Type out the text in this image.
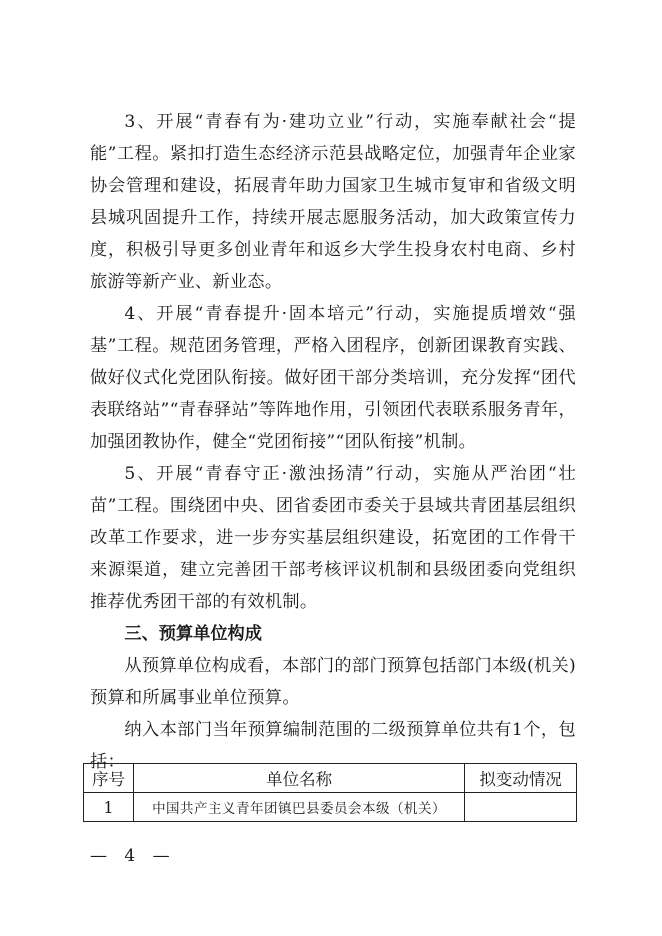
3、开展“青春有为·建功立业”行动，实施奉献社会“提能”工程。紧扣打造生态经济示范县战略定位，加强青年企业家协会管理和建设，拓展青年助力国家卫生城市复审和省级文明县城巩固提升工作，持续开展志愿服务活动，加大政策宣传力度，积极引导更多创业青年和返乡大学生投身农村电商、乡村旅游等新产业、新业态。

4、开展“青春提升·固本培元”行动，实施提质增效“强基”工程。规范团务管理，严格入团程序，创新团课教育实践、做好仪式化党团队衔接。做好团干部分类培训，充分发挥“团代表联络站”“青春驿站”等阵地作用，引领团代表联系服务青年，加强团教协作，健全“党团衔接”“团队衔接”机制。

5、开展“青春守正·激浊扬清”行动，实施从严治团“壮苗”工程。围绕团中央、团省委团市委关于县域共青团基层组织改革工作要求，进一步夯实基层组织建设，拓宽团的工作骨干来源渠道，建立完善团干部考核评议机制和县级团委向党组织推荐优秀团干部的有效机制。

三、预算单位构成

从预算单位构成看，本部门的部门预算包括部门本级(机关)预算和所属事业单位预算。

纳入本部门当年预算编制范围的二级预算单位共有1个，包括：

序号	单位名称	拟变动情况
1	中国共产主义青年团镇巴县委员会本级（机关）	
— 4 —
